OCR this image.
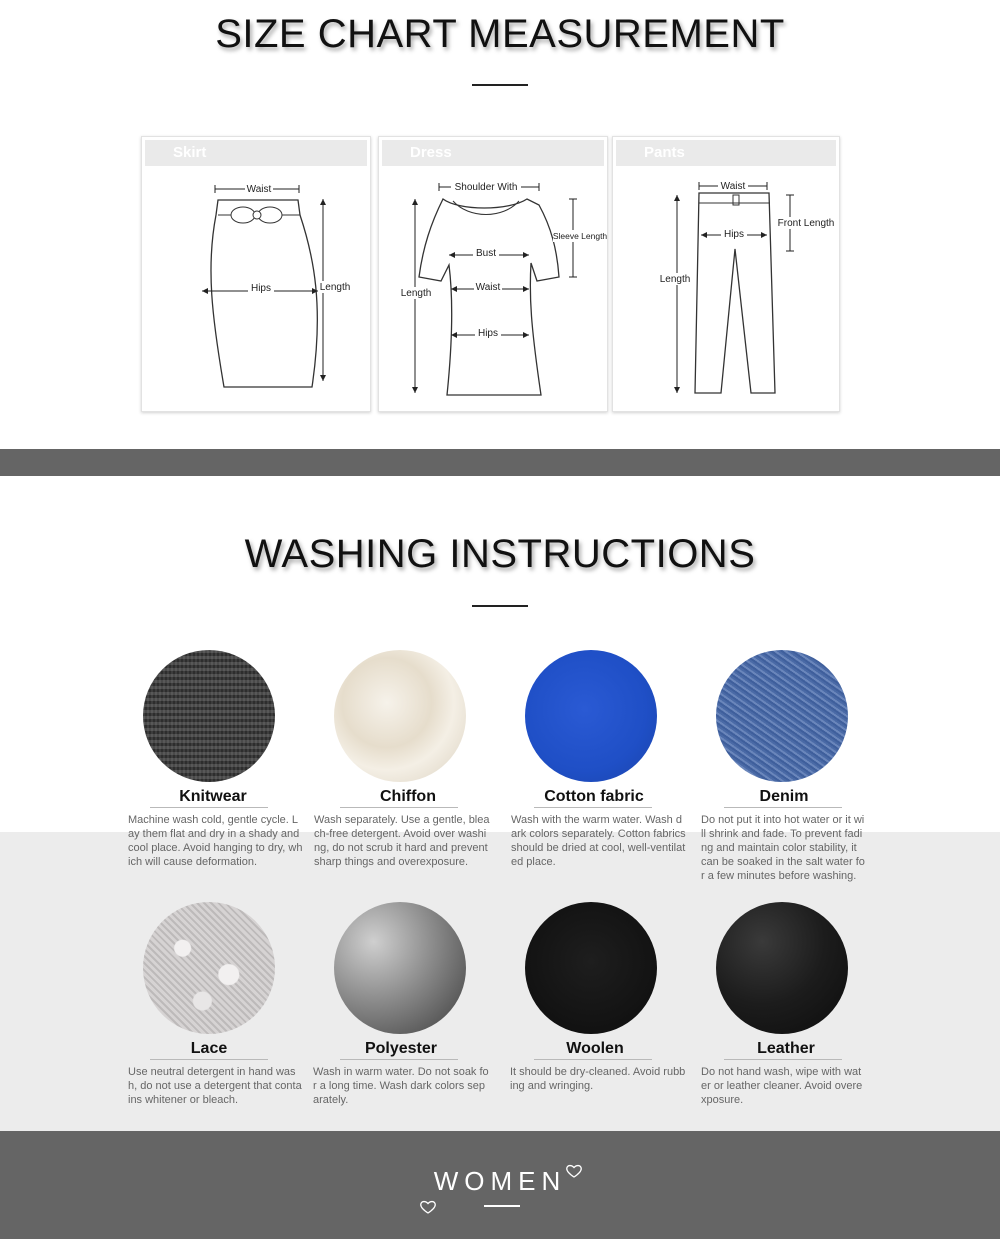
SIZE CHART MEASUREMENT
Skirt
Waist
Hips	Length
Dress
Shoulder With
Sleeve Length
Bust
Waist
Hips
Length
Pants
Waist
Hips
Front Length
Length
WASHING INSTRUCTIONS
Knitwear
Machine wash cold, gentle cycle. Lay them flat and dry in a shady and cool place. Avoid hanging to dry, which will cause deformation.
Chiffon
Wash separately. Use a gentle, bleach-free detergent. Avoid over washing, do not scrub it hard and prevent sharp things and overexposure.
Cotton fabric
Wash with the warm water. Wash dark colors separately. Cotton fabrics should be dried at cool, well-ventilated place.
Denim
Do not put it into hot water or it will shrink and fade. To prevent fading and maintain color stability, it can be soaked in the salt water for a few minutes before washing.
Lace
Use neutral detergent in hand wash, do not use a detergent that contains whitener or bleach.
Polyester
Wash in warm water. Do not soak for a long time. Wash dark colors separately.
Woolen
It should be dry-cleaned. Avoid rubbing and wringing.
Leather
Do not hand wash, wipe with water or leather cleaner. Avoid overexposure.
WOMEN
